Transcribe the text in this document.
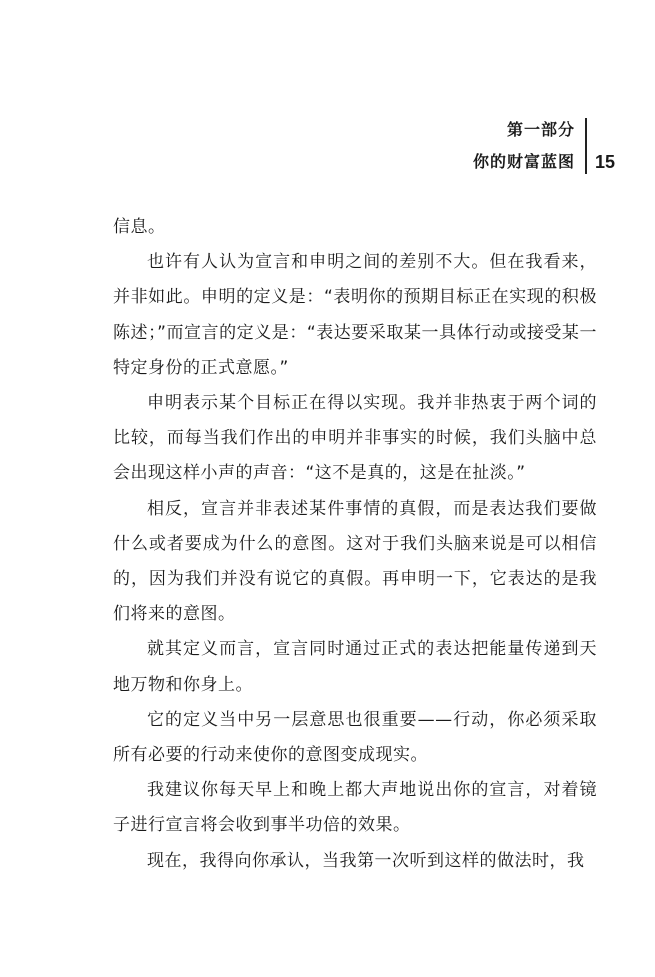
第一部分
你的财富蓝图	15

信息。

也许有人认为宣言和申明之间的差别不大。但在我看来，并非如此。申明的定义是：“表明你的预期目标正在实现的积极陈述；”而宣言的定义是：“表达要采取某一具体行动或接受某一特定身份的正式意愿。”

申明表示某个目标正在得以实现。我并非热衷于两个词的比较，而每当我们作出的申明并非事实的时候，我们头脑中总会出现这样小声的声音：“这不是真的，这是在扯淡。”

相反，宣言并非表述某件事情的真假，而是表达我们要做什么或者要成为什么的意图。这对于我们头脑来说是可以相信的，因为我们并没有说它的真假。再申明一下，它表达的是我们将来的意图。

就其定义而言，宣言同时通过正式的表达把能量传递到天地万物和你身上。

它的定义当中另一层意思也很重要——行动，你必须采取所有必要的行动来使你的意图变成现实。

我建议你每天早上和晚上都大声地说出你的宣言，对着镜子进行宣言将会收到事半功倍的效果。

现在，我得向你承认，当我第一次听到这样的做法时，我
